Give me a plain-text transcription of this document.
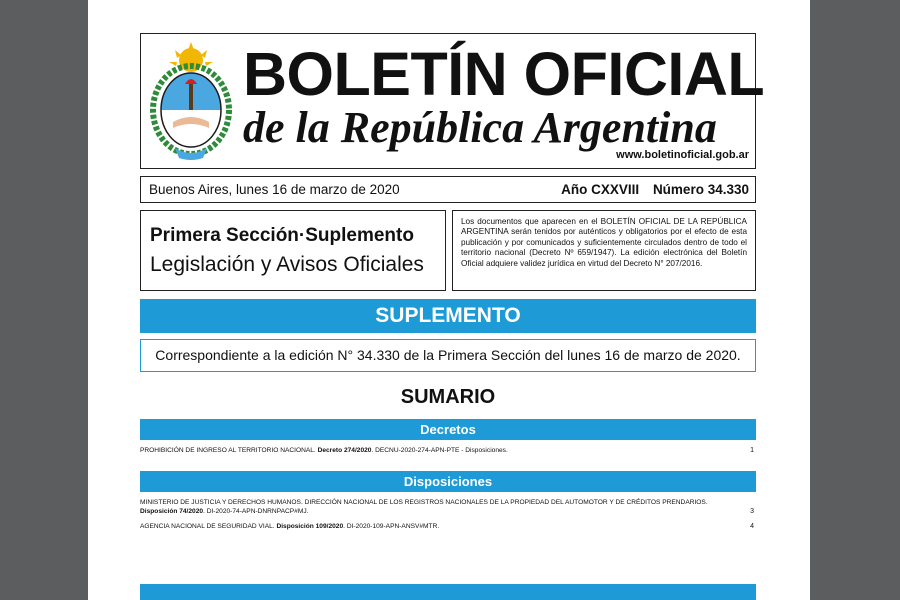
BOLETÍN OFICIAL
de la República Argentina
www.boletinoficial.gob.ar
Buenos Aires, lunes 16 de marzo de 2020	Año CXXVIII Número 34.330
Primera Sección·Suplemento
Legislación y Avisos Oficiales
Los documentos que aparecen en el BOLETÍN OFICIAL DE LA REPÚBLICA ARGENTINA serán tenidos por auténticos y obligatorios por el efecto de esta publicación y por comunicados y suficientemente circulados dentro de todo el territorio nacional (Decreto Nº 659/1947). La edición electrónica del Boletín Oficial adquiere validez jurídica en virtud del Decreto N° 207/2016.
SUPLEMENTO
Correspondiente a la edición N° 34.330 de la Primera Sección del lunes 16 de marzo de 2020.
SUMARIO
Decretos
PROHIBICIÓN DE INGRESO AL TERRITORIO NACIONAL. Decreto 274/2020. DECNU-2020-274-APN-PTE - Disposiciones.	1
Disposiciones
MINISTERIO DE JUSTICIA Y DERECHOS HUMANOS. DIRECCIÓN NACIONAL DE LOS REGISTROS NACIONALES DE LA PROPIEDAD DEL AUTOMOTOR Y DE CRÉDITOS PRENDARIOS. Disposición 74/2020. DI-2020-74-APN-DNRNPACP#MJ.	3
AGENCIA NACIONAL DE SEGURIDAD VIAL. Disposición 109/2020. DI-2020-109-APN-ANSV#MTR.	4
